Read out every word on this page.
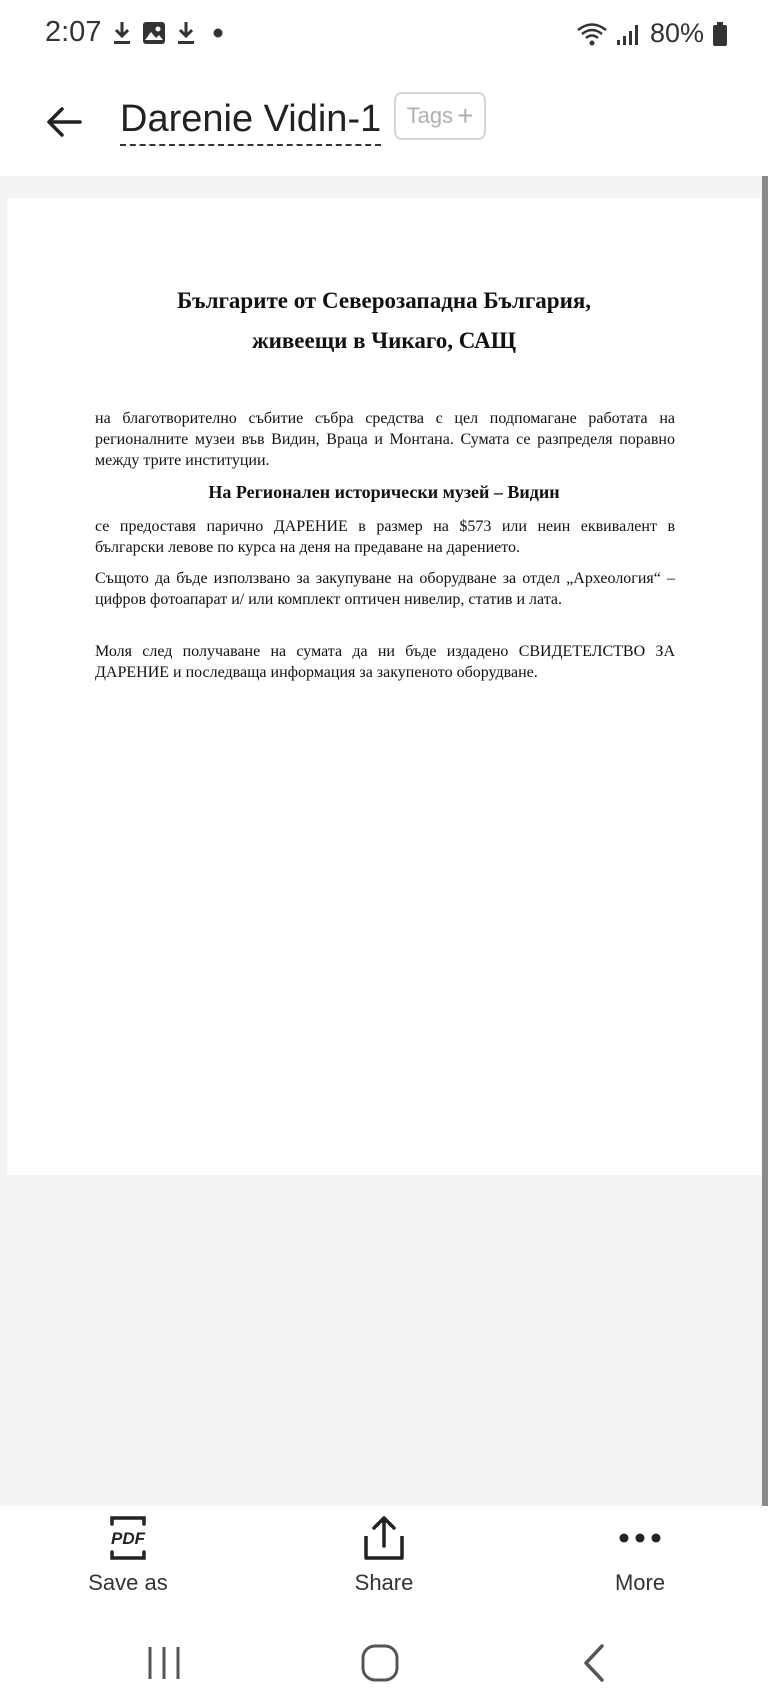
2:07	80%
Darenie Vidin-1 Tags +
Българите от Северозападна България,
живеещи в Чикаго, САЩ
на благотворително събитие събра средства с цел подпомагане работата на регионалните музеи във Видин, Враца и Монтана. Сумата се разпределя поравно между трите институции.
На Регионален исторически музей – Видин
се предоставя парично ДАРЕНИЕ в размер на $573 или неин еквивалент в български левове по курса на деня на предаване на дарението.
Същото да бъде използвано за закупуване на оборудване за отдел „Археология“ – цифров фотоапарат и/ или комплект оптичен нивелир, статив и лата.
Моля след получаване на сумата да ни бъде издадено СВИДЕТЕЛСТВО ЗА ДАРЕНИЕ и последваща информация за закупеното оборудване.
PDF
Save as	Share	More
